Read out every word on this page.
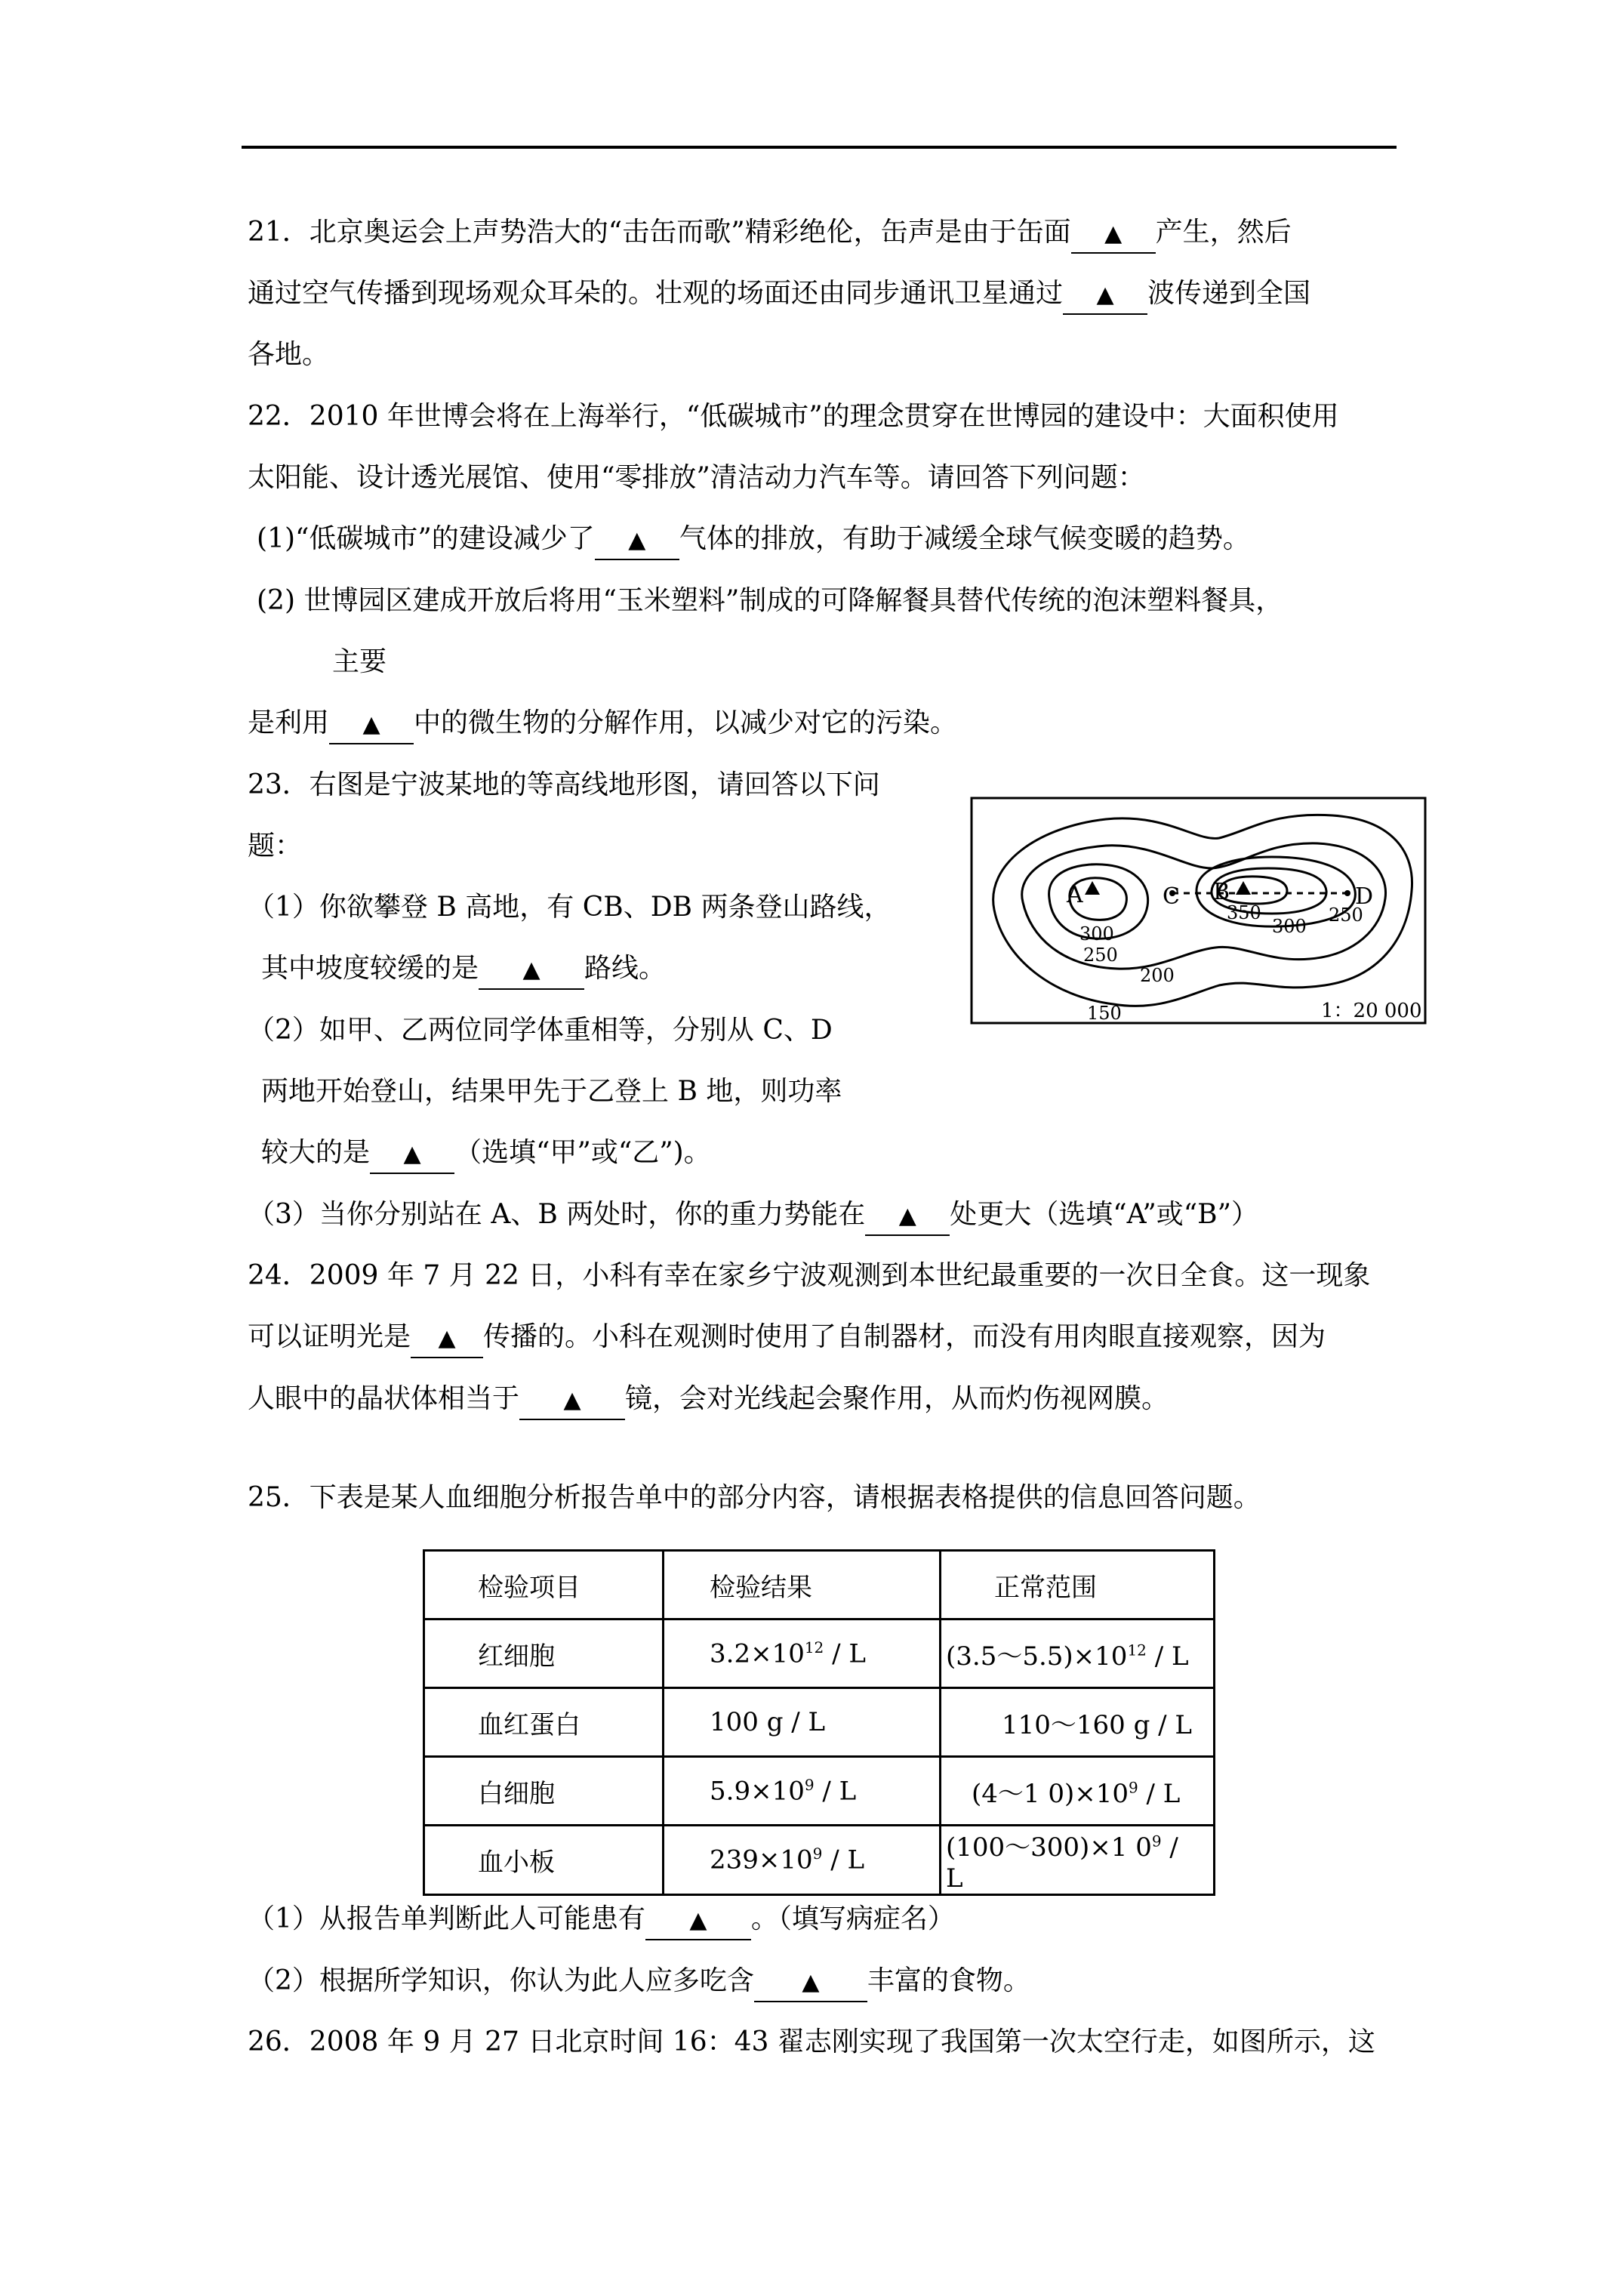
21．北京奥运会上声势浩大的“击缶而歌”精彩绝伦，缶声是由于缶面 ▲ 产生，然后
通过空气传播到现场观众耳朵的。壮观的场面还由同步通讯卫星通过 ▲ 波传递到全国
各地。
22．2010 年世博会将在上海举行，“低碳城市”的理念贯穿在世博园的建设中：大面积使用
太阳能、设计透光展馆、使用“零排放”清洁动力汽车等。请回答下列问题：
(1)“低碳城市”的建设减少了 ▲ 气体的排放，有助于减缓全球气候变暖的趋势。
(2) 世博园区建成开放后将用“玉米塑料”制成的可降解餐具替代传统的泡沫塑料餐具，
主要
是利用 ▲ 中的微生物的分解作用，以减少对它的污染。
23．右图是宁波某地的等高线地形图，请回答以下问
题：
（1）你欲攀登 B 高地，有 CB、DB 两条登山路线，
其中坡度较缓的是 ▲ 路线。
（2）如甲、乙两位同学体重相等，分别从 C、D
两地开始登山，结果甲先于乙登上 B 地，则功率
较大的是 ▲ （选填“甲”或“乙”)。
（3）当你分别站在 A、B 两处时，你的重力势能在 ▲ 处更大（选填“A”或“B”）
A	C B	D
300
250
200
150
350
300
250
1：20 000
24．2009 年 7 月 22 日，小科有幸在家乡宁波观测到本世纪最重要的一次日全食。这一现象
可以证明光是 ▲ 传播的。小科在观测时使用了自制器材，而没有用肉眼直接观察，因为
人眼中的晶状体相当于 ▲ 镜，会对光线起会聚作用，从而灼伤视网膜。
25．下表是某人血细胞分析报告单中的部分内容，请根据表格提供的信息回答问题。
检验项目	检验结果	正常范围
红细胞	$3.2\times 10^{12} / L$	$(3.5\sim 5.5)\times 10^{12} / L$
血红蛋白	100 g / L	110～160 g / L
白细胞	$5.9\times 10^9 / L$	(4～1 $0)\times 10^9 / L$
血小板	$239\times 10^9 / L$	(100～300)×1 $0^9$ / L
（1）从报告单判断此人可能患有 ▲ 。（填写病症名）
（2）根据所学知识，你认为此人应多吃含 ▲ 丰富的食物。
26．2008 年 9 月 27 日北京时间 16：43 翟志刚实现了我国第一次太空行走，如图所示，这
